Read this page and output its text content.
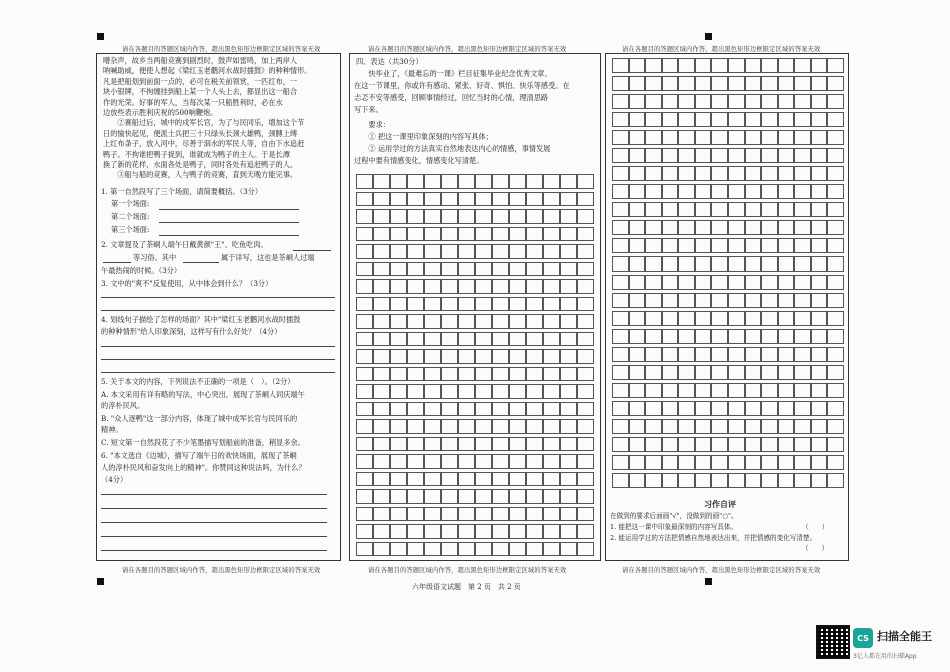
请在各题目的答题区域内作答，超出黑色矩形边框限定区域的答案无效	请在各题目的答题区域内作答，超出黑色矩形边框限定区域的答案无效	请在各题目的答题区域内作答，超出黑色矩形边框限定区域的答案无效
请在各题目的答题区域内作答，超出黑色矩形边框限定区域的答案无效	请在各题目的答题区域内作答，超出黑色矩形边框限定区域的答案无效	请在各题目的答题区域内作答，超出黑色矩形边框限定区域的答案无效
嘈杂声，故乡当两船竞赛到剧烈时，鼓声如雷鸣，加上两岸人
呐喊助威，便使人想起《梁红玉老鹳河水战时擂鼓》的种种情形。
凡是把船划到前面一点的，必可在税关前领赏，一匹红布，一
块小银牌，不拘缠挂到船上某一个人头上去，都显出这一船合
作的光荣。好事的军人，当每次某一只船胜利时，必在水
边放些表示胜利庆祝的500响鞭炮。
　　②赛船过后，城中的戍军长官，为了与民同乐，增加这个节
日的愉快起见，便派士兵把三十只绿头长颈大雄鸭，颈膊上缚
上红布条子，放入河中，尽善于泅水的军民人等，自由下水追赶
鸭子。不拘谁把鸭子捉到，谁就成为鸭子的主人。于是长潭
换了新的花样，水面各处是鸭子，同时各处有追赶鸭子的人。
　　③船与船的竞赛，人与鸭子的竞赛，直到天晚方能完事。
1. 第一自然段写了三个场面，请简要概括。（3分）
第一个场面:
第二个场面:
第三个场面:
2. 文章提及了茶峒人端午日戴黄颜"王"、吃鱼吃肉、
等习俗。其中	属于详写，这也是茶峒人过端
午最热闹的时候。（3分）
3. 文中的"爽不"反复使用，从中体会到什么？（3分）
4. 划线句子描绘了怎样的场面？其中"梁红玉老鹳河水战时擂鼓
的种种情形"给人印象深刻，这样写有什么好处？（4分）
5. 关于本文的内容，下列说法不正确的一项是（　）。（2分）
A. 本文采用有详有略的写法，中心突出，展现了茶峒人同庆端午
的淳朴民风。
B. "众人逐鸭"这一部分内容，体现了城中成军长官与民同乐的
精神。
C. 短文第一自然段花了不少笔墨描写划船前的准备，稍显多余。
6. "本文选自《边城》，描写了端午日的欢快场面，展现了茶峒
人的淳朴民风和奋发向上的精神"。你赞同这种说法吗，为什么？
（4分）
四、表达（共30分）
　　快毕业了，《最难忘的一课》栏目征集毕业纪念优秀文章。
在这一节课里，你或许有感动、紧张、好奇、惧怕、快乐等感受。在
忐忑不安等感受，回顾事情经过，回忆当时的心情，理清思路
写下来。
　　要求：
　　① 把这一课里印象深刻的内容写具体；
　　② 运用学过的方法真实自然地表达内心的情感，事情发展
过程中要有情感变化，情感变化写清楚。
习作自评
在做到的要求后面画"√"，没做到的画"○"。
1. 能把这一课中印象最深刻的内容写具体。	（　　）
2. 能运用学过的方法把情感自然地表达出来，并把情感的变化写清楚。
（　　）
六年级语文试题　第 2 页　共 2 页
CS 扫描全能王
3亿人都在用的扫描App
